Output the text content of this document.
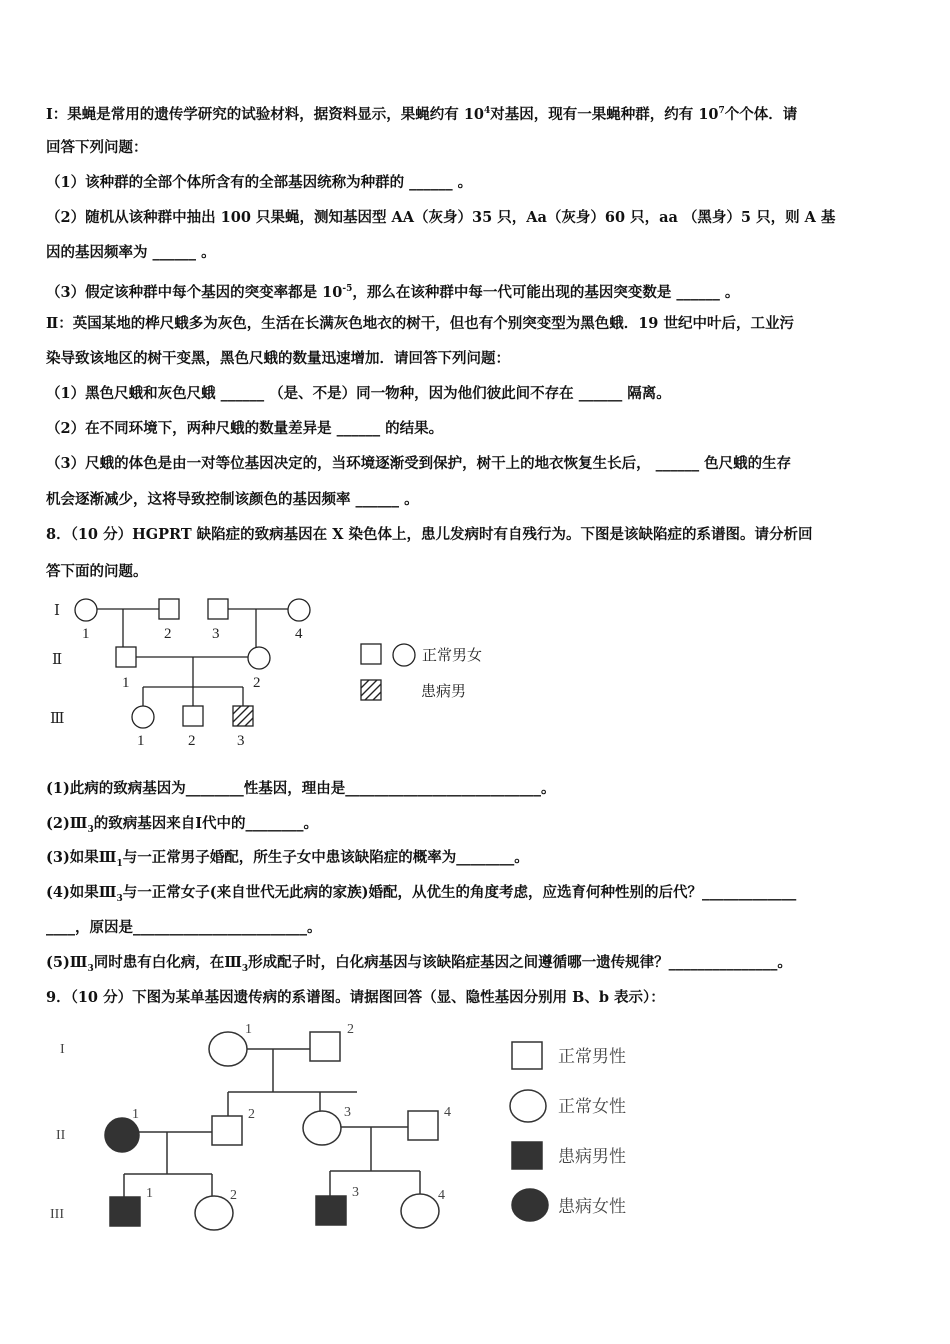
Ⅰ：果蝇是常用的遗传学研究的试验材料，据资料显示，果蝇约有 $10^4$对基因，现有一果蝇种群，约有 $10^7$个个体．请
回答下列问题：
（1）该种群的全部个体所含有的全部基因统称为种群的 ______ 。
（2）随机从该种群中抽出 100 只果蝇，测知基因型 AA（灰身）35 只，Aa（灰身）60 只，aa （黑身）5 只，则 A 基
因的基因频率为 ______ 。
（3）假定该种群中每个基因的突变率都是 $10^{-5}$，那么在该种群中每一代可能出现的基因突变数是 ______ 。
Ⅱ：英国某地的桦尺蛾多为灰色，生活在长满灰色地衣的树干，但也有个别突变型为黑色蛾．19 世纪中叶后，工业污
染导致该地区的树干变黑，黑色尺蛾的数量迅速增加．请回答下列问题：
（1）黑色尺蛾和灰色尺蛾 ______ （是、不是）同一物种，因为他们彼此间不存在 ______ 隔离。
（2）在不同环境下，两种尺蛾的数量差异是 ______ 的结果。
（3）尺蛾的体色是由一对等位基因决定的，当环境逐渐受到保护，树干上的地衣恢复生长后， ______ 色尺蛾的生存
机会逐渐减少，这将导致控制该颜色的基因频率 ______ 。
8．（10 分）HGPRT 缺陷症的致病基因在 X 染色体上，患儿发病时有自残行为。下图是该缺陷症的系谱图。请分析回
答下面的问题。
Ⅰ
Ⅱ
Ⅲ
1	2	3	4
1	2
1	2	3
正常男女
患病男
(1)此病的致病基因为________性基因，理由是___________________________。
$(2)Ⅲ_3$的致病基因来自Ⅰ代中的________。
(3)如果$Ⅲ_1$与一正常男子婚配，所生子女中患该缺陷症的概率为________。
(4)如果$Ⅲ_3$与一正常女子(来自世代无此病的家族)婚配，从优生的角度考虑，应选育何种性别的后代？_____________
____，原因是________________________。
$(5)Ⅲ_3$同时患有白化病，在$Ⅲ_3$形成配子时，白化病基因与该缺陷症基因之间遵循哪一遗传规律？_______________。
9．（10 分）下图为某单基因遗传病的系谱图。请据图回答（显、隐性基因分别用 B、b 表示）：
I
II
III
1	2
1	2	3	4
1	2	3	4
正常男性
正常女性
患病男性
患病女性
